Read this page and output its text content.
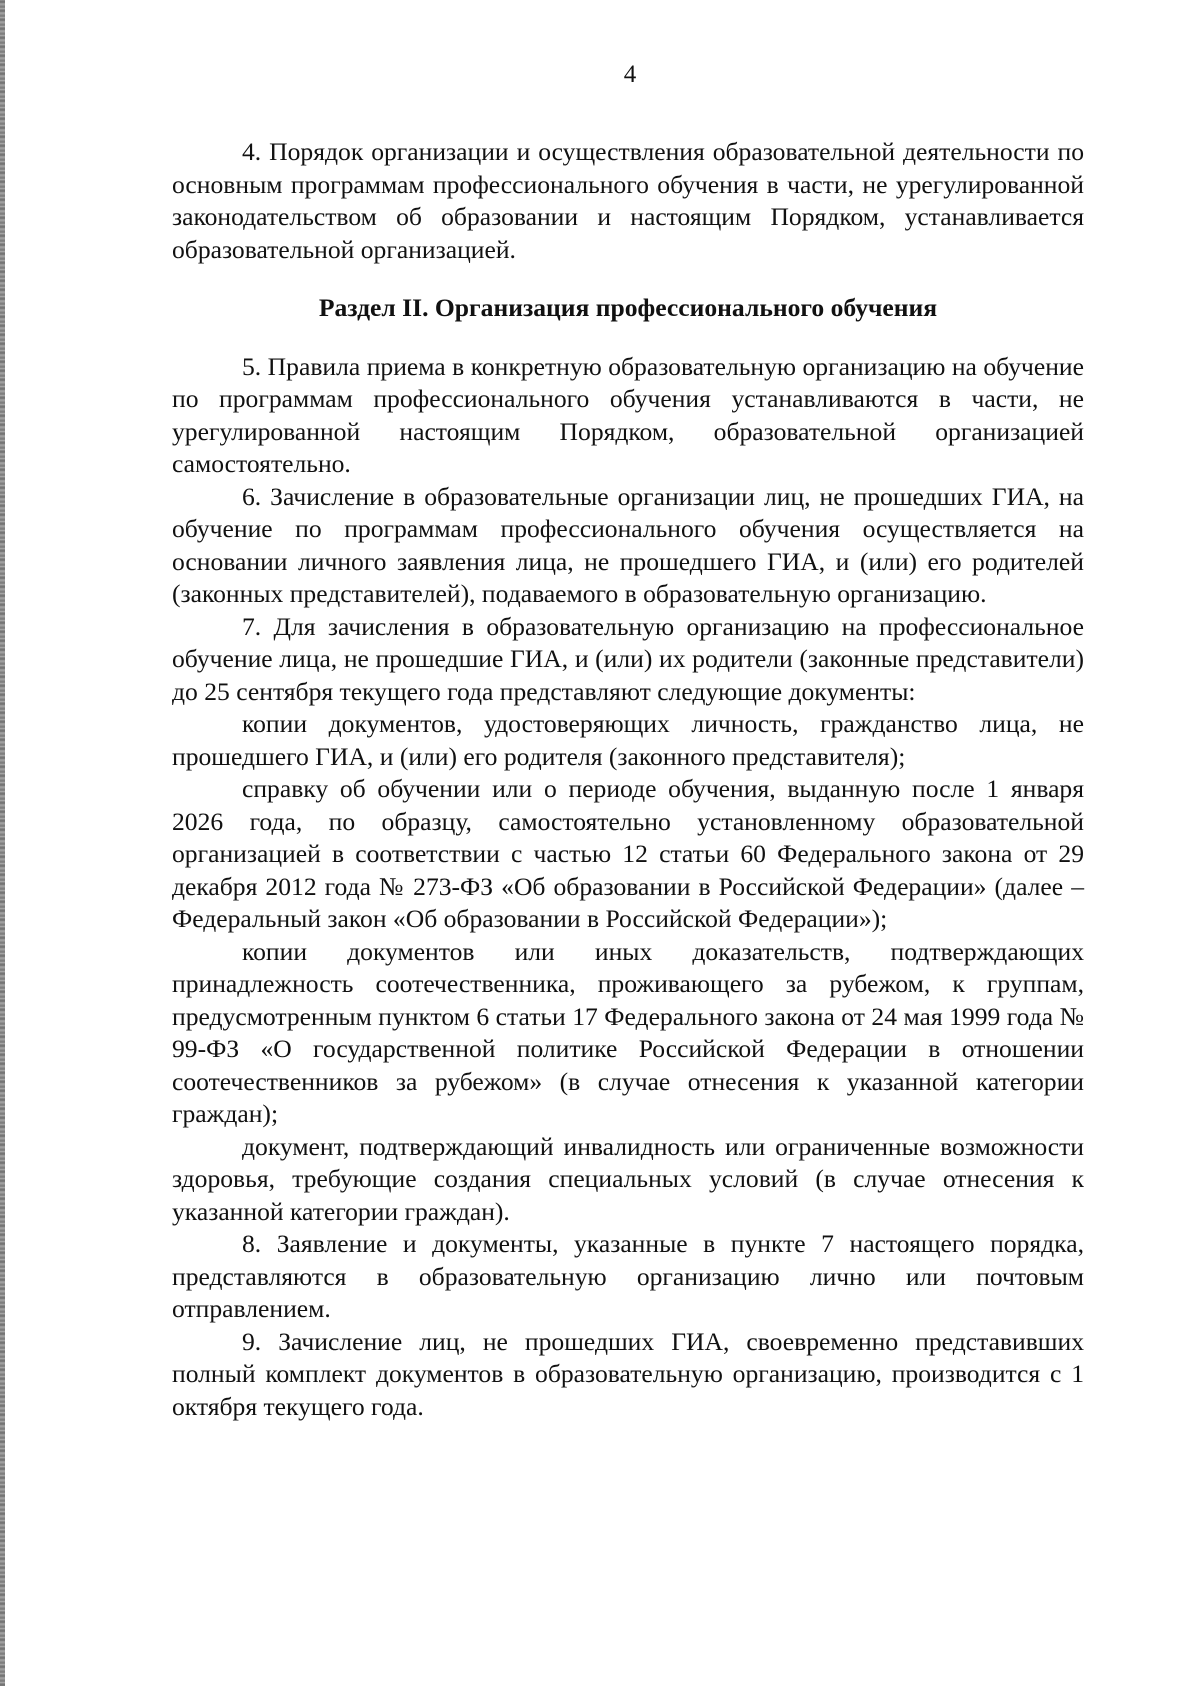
4

4. Порядок организации и осуществления образовательной деятельности по основным программам профессионального обучения в части, не урегулированной законодательством об образовании и настоящим Порядком, устанавливается образовательной организацией.

Раздел II. Организация профессионального обучения

5. Правила приема в конкретную образовательную организацию на обучение по программам профессионального обучения устанавливаются в части, не урегулированной настоящим Порядком, образовательной организацией самостоятельно.

6. Зачисление в образовательные организации лиц, не прошедших ГИА, на обучение по программам профессионального обучения осуществляется на основании личного заявления лица, не прошедшего ГИА, и (или) его родителей (законных представителей), подаваемого в образовательную организацию.

7. Для зачисления в образовательную организацию на профессиональное обучение лица, не прошедшие ГИА, и (или) их родители (законные представители) до 25 сентября текущего года представляют следующие документы:

копии документов, удостоверяющих личность, гражданство лица, не прошедшего ГИА, и (или) его родителя (законного представителя);

справку об обучении или о периоде обучения, выданную после 1 января 2026 года, по образцу, самостоятельно установленному образовательной организацией в соответствии с частью 12 статьи 60 Федерального закона от 29 декабря 2012 года № 273-ФЗ «Об образовании в Российской Федерации» (далее – Федеральный закон «Об образовании в Российской Федерации»);

копии документов или иных доказательств, подтверждающих принадлежность соотечественника, проживающего за рубежом, к группам, предусмотренным пунктом 6 статьи 17 Федерального закона от 24 мая 1999 года № 99-ФЗ «О государственной политике Российской Федерации в отношении соотечественников за рубежом» (в случае отнесения к указанной категории граждан);

документ, подтверждающий инвалидность или ограниченные возможности здоровья, требующие создания специальных условий (в случае отнесения к указанной категории граждан).

8. Заявление и документы, указанные в пункте 7 настоящего порядка, представляются в образовательную организацию лично или почтовым отправлением.

9. Зачисление лиц, не прошедших ГИА, своевременно представивших полный комплект документов в образовательную организацию, производится с 1 октября текущего года.
